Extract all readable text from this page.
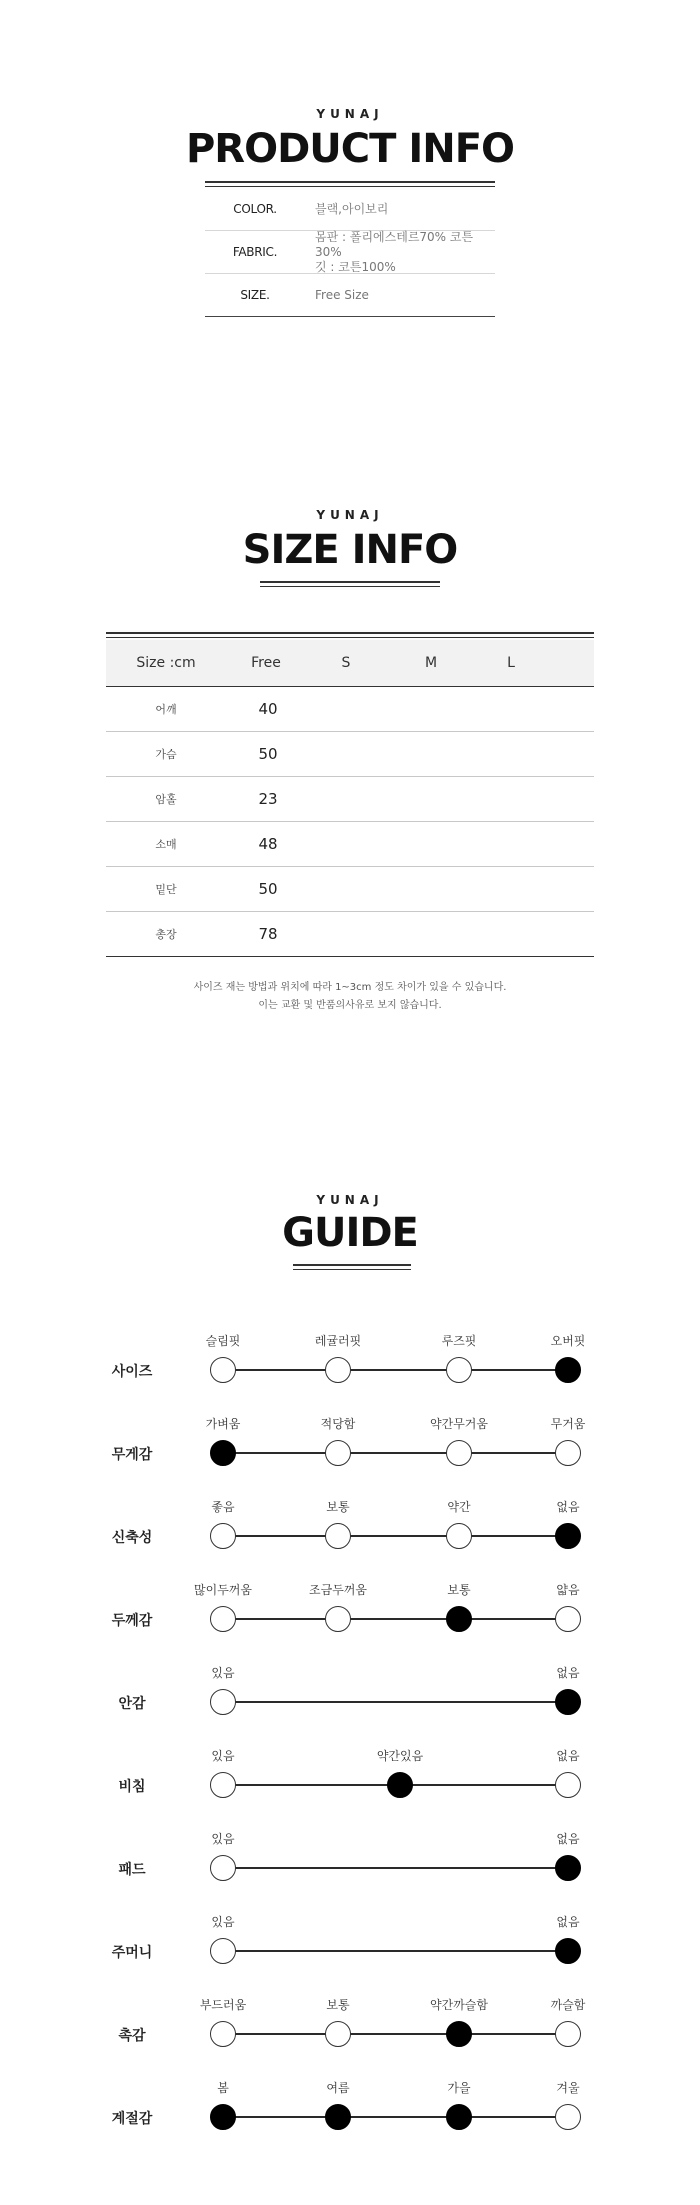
YUNAJ
PRODUCT INFO
COLOR.	블랙,아이보리
FABRIC.
몸판 : 폴리에스테르70% 코튼30%
깃 : 코튼100%
SIZE.	Free Size
YUNAJ
SIZE INFO
Size :cm	Free	S	M	L
어깨	40
가슴	50
암홀	23
소매	48
밑단	50
총장	78
사이즈 재는 방법과 위치에 따라 1~3cm 정도 차이가 있을 수 있습니다.
이는 교환 및 반품의사유로 보지 않습니다.
YUNAJ
GUIDE
사이즈
슬림핏	레귤러핏	루즈핏	오버핏
무게감
가벼움	적당함	약간무거움	무거움
신축성
좋음	보통	약간	없음
두께감
많이두꺼움	조금두꺼움	보통	얇음
안감
있음	없음
비침
있음	약간있음	없음
패드
있음	없음
주머니
있음	없음
촉감
부드러움	보통	약간까슬함	까슬함
계절감
봄	여름	가을	겨울
